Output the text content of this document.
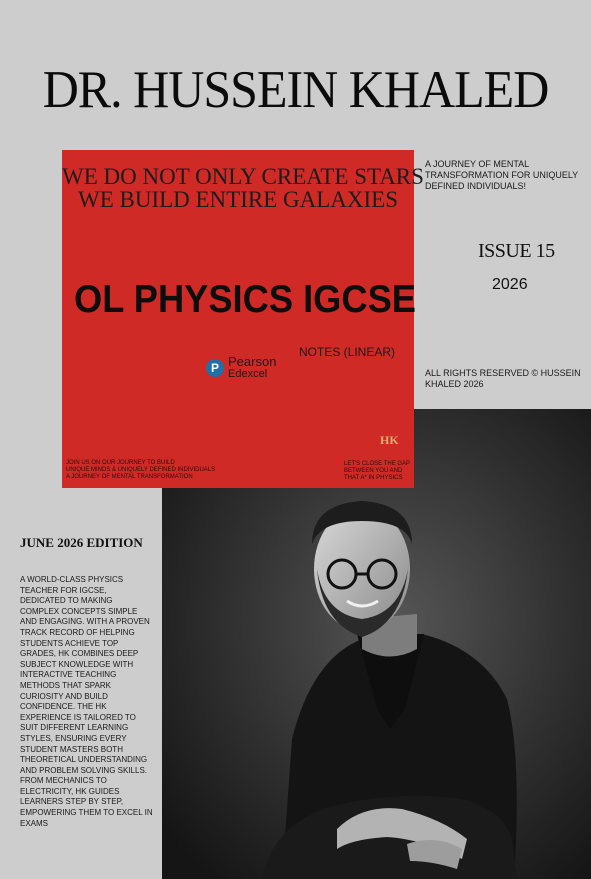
DR. HUSSEIN KHALED
WE DO NOT ONLY CREATE STARS
WE BUILD ENTIRE GALAXIES
OL PHYSICS IGCSE
NOTES (LINEAR)
P Pearson
Edexcel
HK
JOIN US ON OUR JOURNEY TO BUILD
UNIQUE MINDS & UNIQUELY DEFINED INDIVIDUALS
A JOURNEY OF MENTAL TRANSFORMATION
LET'S CLOSE THE GAP
BETWEEN YOU AND
THAT A* IN PHYSICS
A JOURNEY OF MENTAL TRANSFORMATION FOR UNIQUELY DEFINED INDIVIDUALS!
ISSUE 15
2026
ALL RIGHTS RESERVED © HUSSEIN KHALED 2026
JUNE 2026 EDITION
A WORLD-CLASS PHYSICS TEACHER FOR IGCSE, DEDICATED TO MAKING COMPLEX CONCEPTS SIMPLE AND ENGAGING. WITH A PROVEN TRACK RECORD OF HELPING STUDENTS ACHIEVE TOP GRADES, HK COMBINES DEEP SUBJECT KNOWLEDGE WITH INTERACTIVE TEACHING METHODS THAT SPARK CURIOSITY AND BUILD CONFIDENCE. THE HK EXPERIENCE IS TAILORED TO SUIT DIFFERENT LEARNING STYLES, ENSURING EVERY STUDENT MASTERS BOTH THEORETICAL UNDERSTANDING AND PROBLEM SOLVING SKILLS. FROM MECHANICS TO ELECTRICITY, HK GUIDES LEARNERS STEP BY STEP, EMPOWERING THEM TO EXCEL IN EXAMS
